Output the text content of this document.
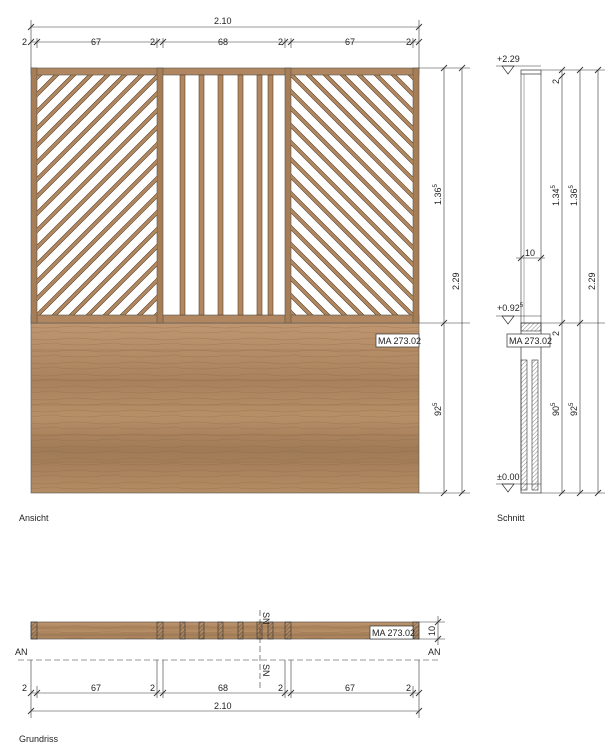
MA 273.02
2.10
2	67	2	68	2	67	2
1.36$^5$
$92^5$
2.29
Ansicht
+2.29
$+0.92^5$
±0.00
MA 273.02
2
1.34$^5$
1.36$^5$
2.29
2
$90^5$
$92^5$
10
Schnitt
MA 273.02
AN	AN
SN
SN
10
2	67	2	68	2	67	2
2.10
Grundriss
